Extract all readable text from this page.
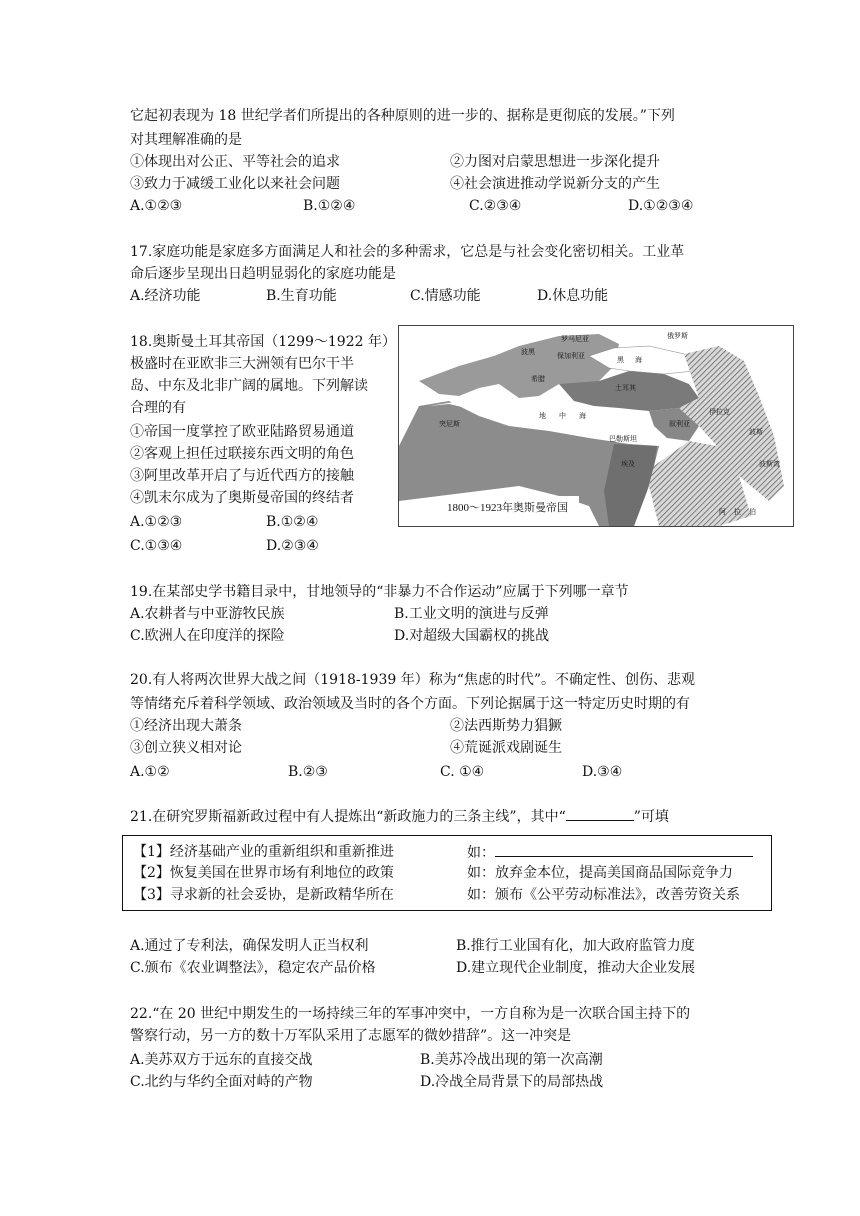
它起初表现为 18 世纪学者们所提出的各种原则的进一步的、据称是更彻底的发展。”下列
对其理解准确的是
①体现出对公正、平等社会的追求	②力图对启蒙思想进一步深化提升
③致力于减缓工业化以来社会问题	④社会演进推动学说新分支的产生
A.①②③	B.①②④	C.②③④	D.①②③④
17.家庭功能是家庭多方面满足人和社会的多种需求，它总是与社会变化密切相关。工业革
命后逐步呈现出日趋明显弱化的家庭功能是
A.经济功能	B.生育功能	C.情感功能	D.休息功能
18.奥斯曼土耳其帝国（1299～1922 年）
极盛时在亚欧非三大洲领有巴尔干半
岛、中东及北非广阔的属地。下列解读
合理的有
①帝国一度掌控了欧亚陆路贸易通道
②客观上担任过联接东西文明的角色
③阿里改革开启了与近代西方的接触
④凯末尔成为了奥斯曼帝国的终结者
A.①②③	B.①②④
C.①③④	D.②③④
1800～1923年奥斯曼帝国
波黑
罗马尼亚	俄罗斯
保加利亚	黑 海
希腊
土耳其
叙利亚
伊拉克
波斯
突尼斯
地 中 海
巴勒斯坦
埃及	波斯湾
阿 拉 伯
19.在某部史学书籍目录中，甘地领导的“非暴力不合作运动”应属于下列哪一章节
A.农耕者与中亚游牧民族	B.工业文明的演进与反弹
C.欧洲人在印度洋的探险	D.对超级大国霸权的挑战
20.有人将两次世界大战之间（1918-1939 年）称为“焦虑的时代”。不确定性、创伤、悲观
等情绪充斥着科学领域、政治领域及当时的各个方面。下列论据属于这一特定历史时期的有
①经济出现大萧条	②法西斯势力猖獗
③创立狭义相对论	④荒诞派戏剧诞生
A.①②	B.②③	C. ①④	D.③④
21.在研究罗斯福新政过程中有人提炼出“新政施力的三条主线”，其中“	”可填
【1】经济基础产业的重新组织和重新推进	如：
【2】恢复美国在世界市场有利地位的政策	如：放弃金本位，提高美国商品国际竞争力
【3】寻求新的社会妥协，是新政精华所在	如：颁布《公平劳动标准法》，改善劳资关系
A.通过了专利法，确保发明人正当权利	B.推行工业国有化，加大政府监管力度
C.颁布《农业调整法》，稳定农产品价格	D.建立现代企业制度，推动大企业发展
22.“在 20 世纪中期发生的一场持续三年的军事冲突中，一方自称为是一次联合国主持下的
警察行动，另一方的数十万军队采用了志愿军的微妙措辞”。这一冲突是
A.美苏双方于远东的直接交战	B.美苏冷战出现的第一次高潮
C.北约与华约全面对峙的产物	D.冷战全局背景下的局部热战
